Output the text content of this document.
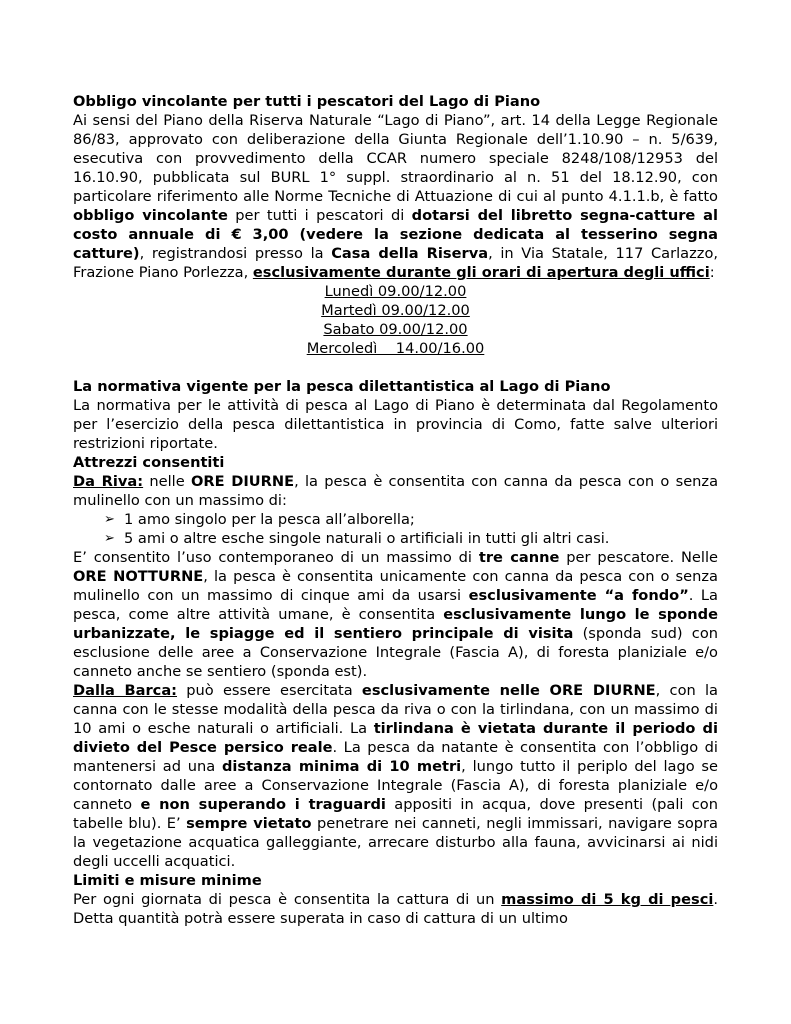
Obbligo vincolante per tutti i pescatori del Lago di Piano

Ai sensi del Piano della Riserva Naturale “Lago di Piano”, art. 14 della Legge Regionale 86/83, approvato con deliberazione della Giunta Regionale dell’1.10.90 – n. 5/639, esecutiva con provvedimento della CCAR numero speciale 8248/108/12953 del 16.10.90, pubblicata sul BURL 1° suppl. straordinario al n. 51 del 18.12.90, con particolare riferimento alle Norme Tecniche di Attuazione di cui al punto 4.1.1.b, è fatto obbligo vincolante per tutti i pescatori di dotarsi del libretto segna-catture al costo annuale di € 3,00 (vedere la sezione dedicata al tesserino segna catture), registrandosi presso la Casa della Riserva, in Via Statale, 117 Carlazzo, Frazione Piano Porlezza, esclusivamente durante gli orari di apertura degli uffici:

Lunedì 09.00/12.00

Martedì 09.00/12.00

Sabato 09.00/12.00

Mercoledì    14.00/16.00

La normativa vigente per la pesca dilettantistica al Lago di Piano

La normativa per le attività di pesca al Lago di Piano è determinata dal Regolamento per l’esercizio della pesca dilettantistica in provincia di Como, fatte salve ulteriori restrizioni riportate.

Attrezzi consentiti

Da Riva: nelle ORE DIURNE, la pesca è consentita con canna da pesca con o senza mulinello con un massimo di:

➢ 1 amo singolo per la pesca all’alborella;
➢ 5 ami o altre esche singole naturali o artificiali in tutti gli altri casi.

E’ consentito l’uso contemporaneo di un massimo di tre canne per pescatore. Nelle ORE NOTTURNE, la pesca è consentita unicamente con canna da pesca con o senza mulinello con un massimo di cinque ami da usarsi esclusivamente “a fondo”. La pesca, come altre attività umane, è consentita esclusivamente lungo le sponde urbanizzate, le spiagge ed il sentiero principale di visita (sponda sud) con esclusione delle aree a Conservazione Integrale (Fascia A), di foresta planiziale e/o canneto anche se sentiero (sponda est).

Dalla Barca: può essere esercitata esclusivamente nelle ORE DIURNE, con la canna con le stesse modalità della pesca da riva o con la tirlindana, con un massimo di 10 ami o esche naturali o artificiali. La tirlindana è vietata durante il periodo di divieto del Pesce persico reale. La pesca da natante è consentita con l’obbligo di mantenersi ad una distanza minima di 10 metri, lungo tutto il periplo del lago se contornato dalle aree a Conservazione Integrale (Fascia A), di foresta planiziale e/o canneto e non superando i traguardi appositi in acqua, dove presenti (pali con tabelle blu). E’ sempre vietato penetrare nei canneti, negli immissari, navigare sopra la vegetazione acquatica galleggiante, arrecare disturbo alla fauna, avvicinarsi ai nidi degli uccelli acquatici.

Limiti e misure minime

Per ogni giornata di pesca è consentita la cattura di un massimo di 5 kg di pesci. Detta quantità potrà essere superata in caso di cattura di un ultimo
